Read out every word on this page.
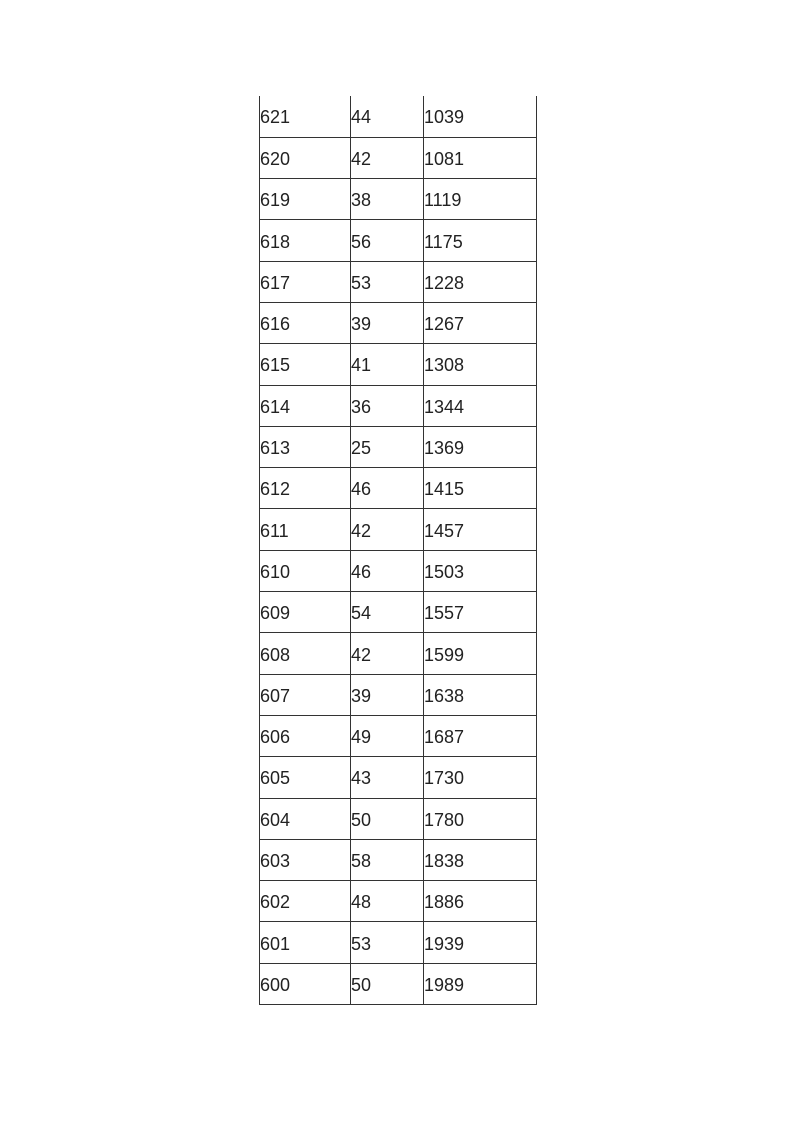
621	44	1039
620	42	1081
619	38	1119
618	56	1175
617	53	1228
616	39	1267
615	41	1308
614	36	1344
613	25	1369
612	46	1415
611	42	1457
610	46	1503
609	54	1557
608	42	1599
607	39	1638
606	49	1687
605	43	1730
604	50	1780
603	58	1838
602	48	1886
601	53	1939
600	50	1989
